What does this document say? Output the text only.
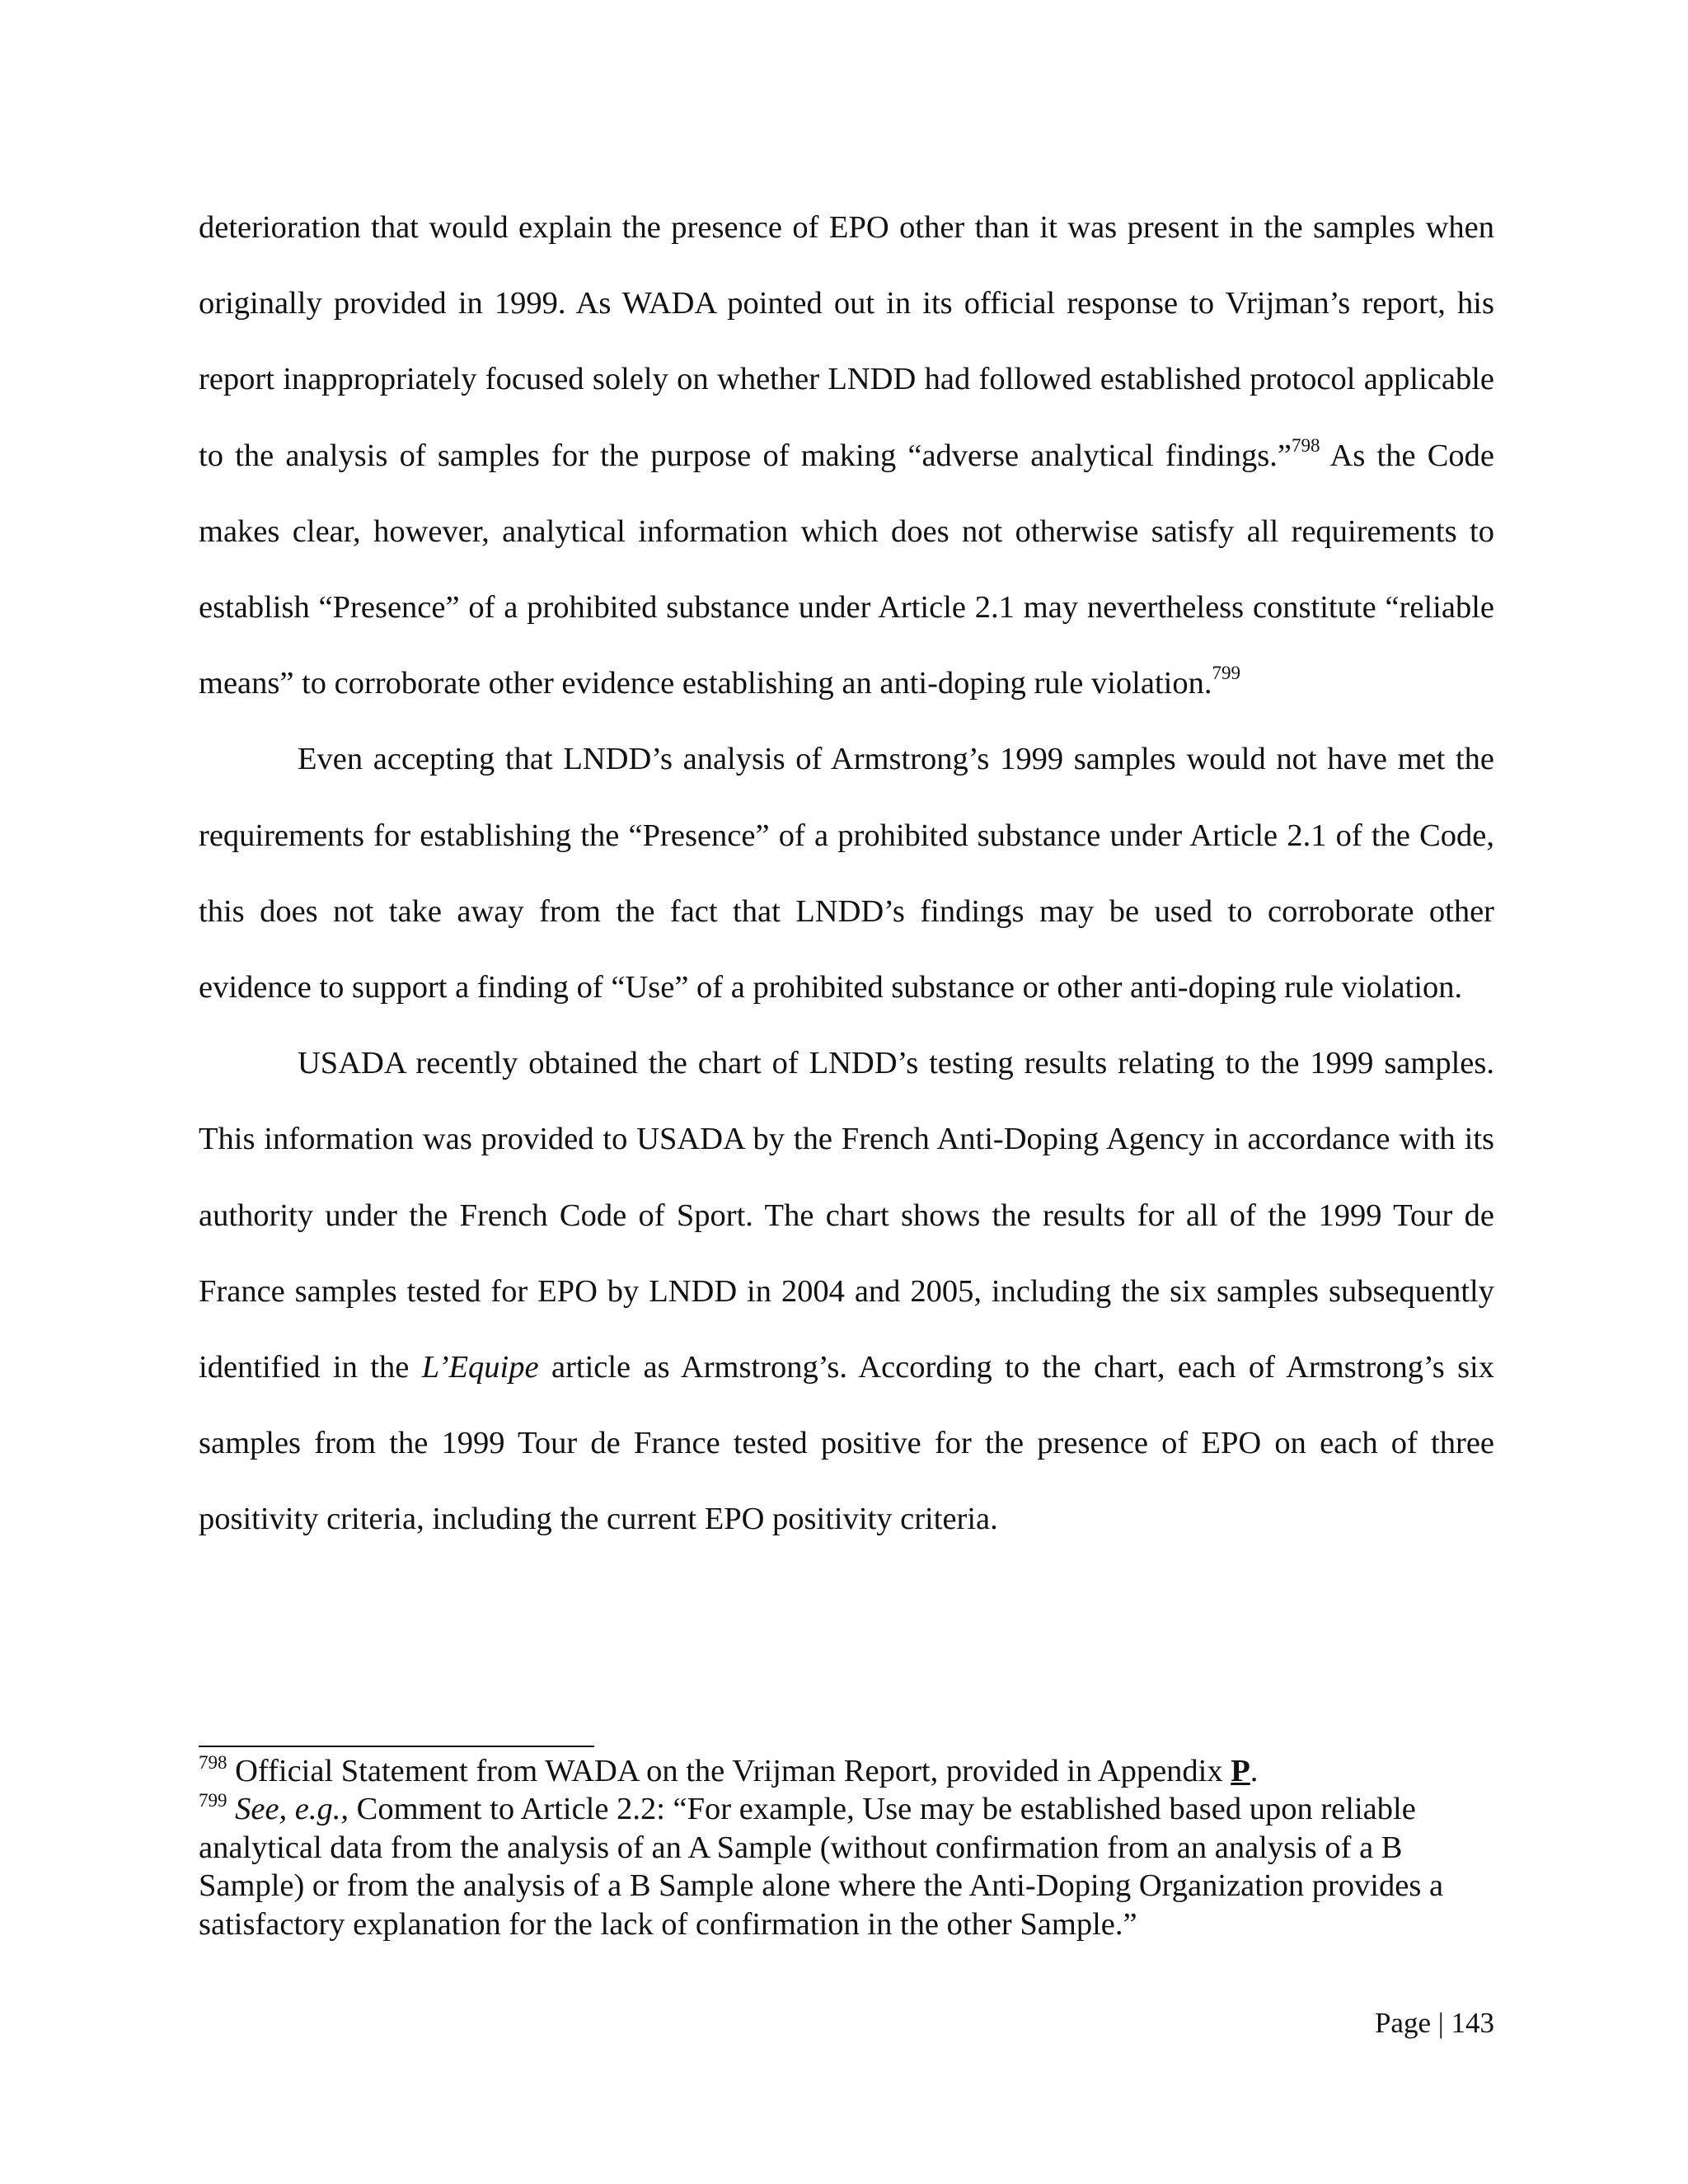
deterioration that would explain the presence of EPO other than it was present in the samples when originally provided in 1999. As WADA pointed out in its official response to Vrijman’s report, his report inappropriately focused solely on whether LNDD had followed established protocol applicable to the analysis of samples for the purpose of making “adverse analytical findings.”$^{798}$ As the Code makes clear, however, analytical information which does not otherwise satisfy all requirements to establish “Presence” of a prohibited substance under Article 2.1 may nevertheless constitute “reliable means” to corroborate other evidence establishing an anti-doping rule violation.$^{799}$

Even accepting that LNDD’s analysis of Armstrong’s 1999 samples would not have met the requirements for establishing the “Presence” of a prohibited substance under Article 2.1 of the Code, this does not take away from the fact that LNDD’s findings may be used to corroborate other evidence to support a finding of “Use” of a prohibited substance or other anti-doping rule violation.

USADA recently obtained the chart of LNDD’s testing results relating to the 1999 samples. This information was provided to USADA by the French Anti-Doping Agency in accordance with its authority under the French Code of Sport. The chart shows the results for all of the 1999 Tour de France samples tested for EPO by LNDD in 2004 and 2005, including the six samples subsequently identified in the L’Equipe article as Armstrong’s. According to the chart, each of Armstrong’s six samples from the 1999 Tour de France tested positive for the presence of EPO on each of three positivity criteria, including the current EPO positivity criteria.

$^{798}$ Official Statement from WADA on the Vrijman Report, provided in Appendix P.

$^{799}$ See, e.g., Comment to Article 2.2: “For example, Use may be established based upon reliable analytical data from the analysis of an A Sample (without confirmation from an analysis of a B Sample) or from the analysis of a B Sample alone where the Anti-Doping Organization provides a satisfactory explanation for the lack of confirmation in the other Sample.”

Page | 143
